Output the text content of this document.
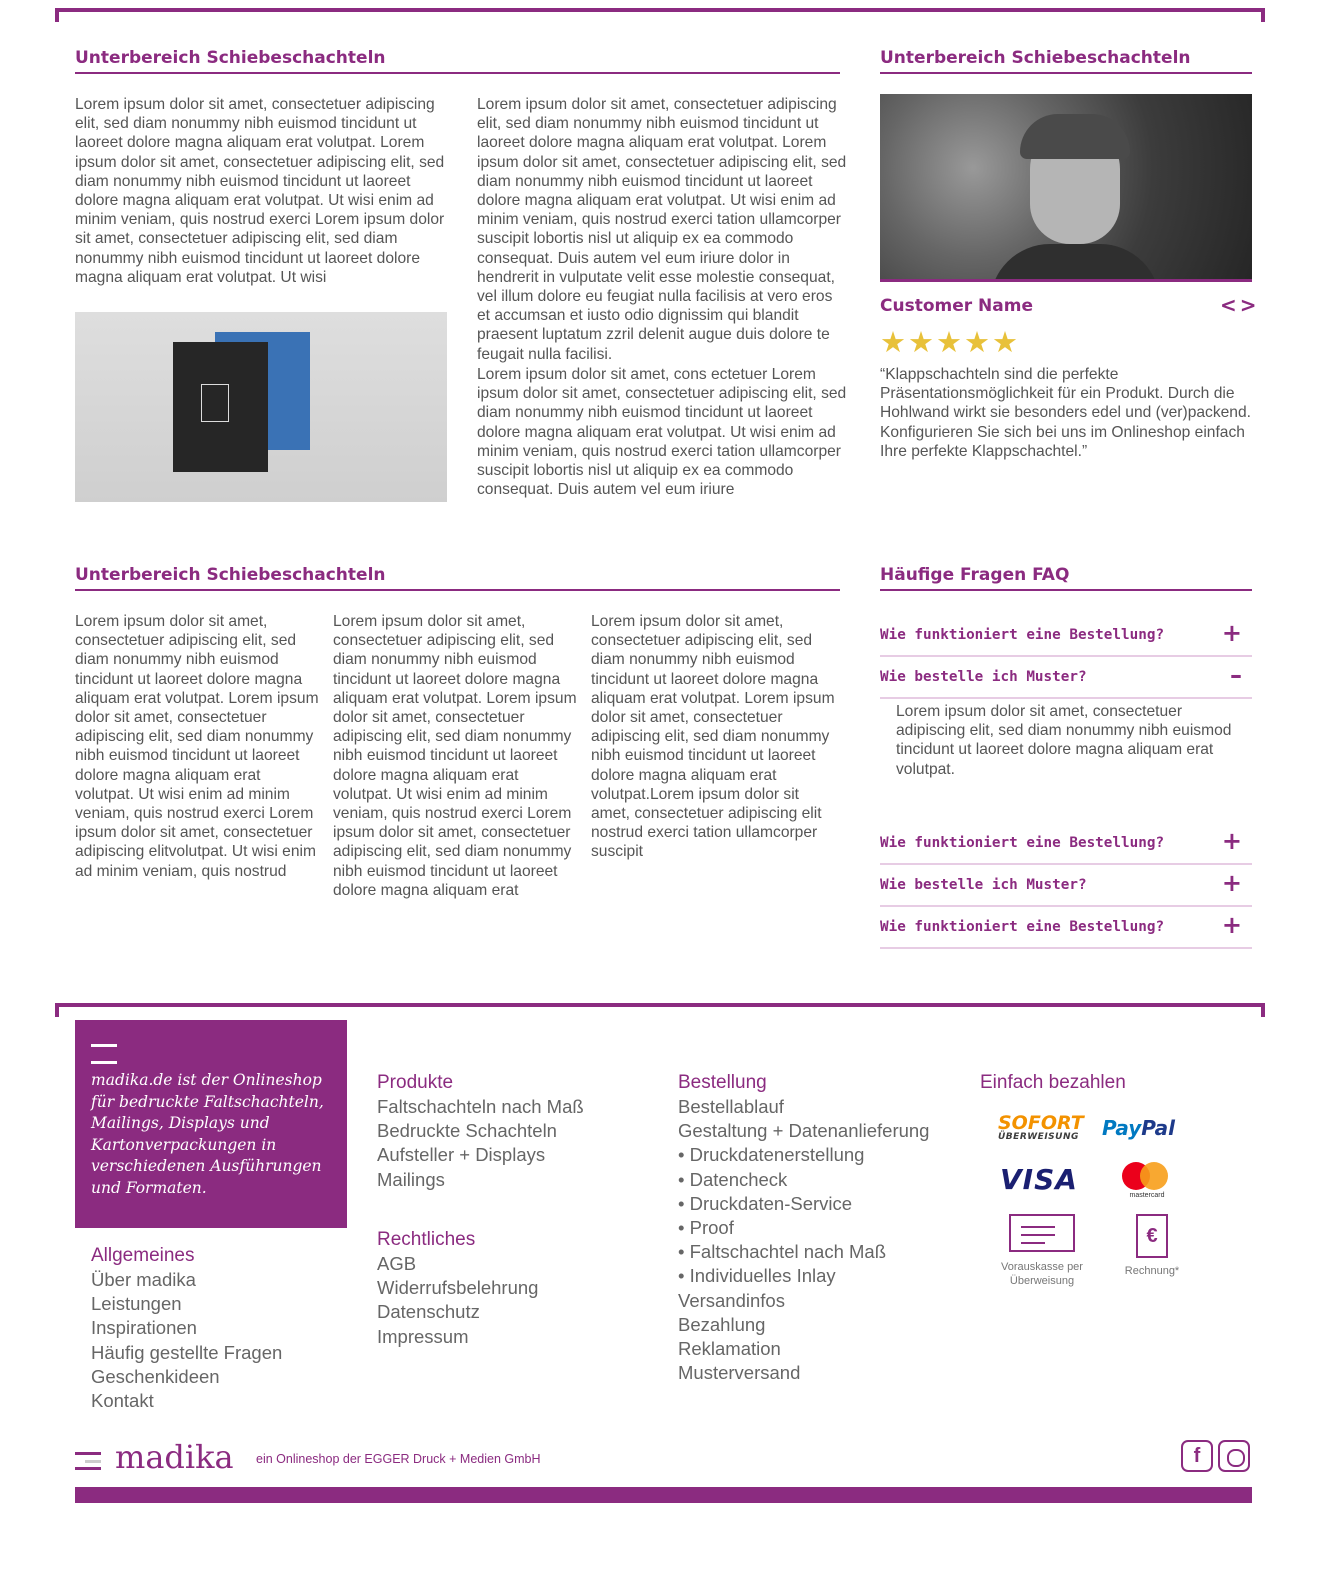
Unterbereich Schiebeschachteln

Lorem ipsum dolor sit amet, consectetuer adipiscing elit, sed diam nonummy nibh euismod tincidunt ut laoreet dolore magna aliquam erat volutpat. Lorem ipsum dolor sit amet, consectetuer adipiscing elit, sed diam nonummy nibh euismod tincidunt ut laoreet dolore magna aliquam erat volutpat. Ut wisi enim ad minim veniam, quis nostrud exerci Lorem ipsum dolor sit amet, consectetuer adipiscing elit, sed diam nonummy nibh euismod tincidunt ut laoreet dolore magna aliquam erat volutpat. Ut wisi

Lorem ipsum dolor sit amet, consectetuer adipiscing elit, sed diam nonummy nibh euismod tincidunt ut laoreet dolore magna aliquam erat volutpat. Lorem ipsum dolor sit amet, consectetuer adipiscing elit, sed diam nonummy nibh euismod tincidunt ut laoreet dolore magna aliquam erat volutpat. Ut wisi enim ad minim veniam, quis nostrud exerci tation ullamcorper suscipit lobortis nisl ut aliquip ex ea commodo consequat. Duis autem vel eum iriure dolor in hendrerit in vulputate velit esse molestie consequat, vel illum dolore eu feugiat nulla facilisis at vero eros et accumsan et iusto odio dignissim qui blandit praesent luptatum zzril delenit augue duis dolore te feugait nulla facilisi.

Lorem ipsum dolor sit amet, cons ectetuer Lorem ipsum dolor sit amet, consectetuer adipiscing elit, sed diam nonummy nibh euismod tincidunt ut laoreet dolore magna aliquam erat volutpat. Ut wisi enim ad minim veniam, quis nostrud exerci tation ullamcorper suscipit lobortis nisl ut aliquip ex ea commodo consequat. Duis autem vel eum iriure

Unterbereich Schiebeschachteln
Customer Name	<>
★★★★★

“Klappschachteln sind die perfekte Präsentationsmöglichkeit für ein Produkt. Durch die Hohlwand wirkt sie besonders edel und (ver)packend. Konfigurieren Sie sich bei uns im Onlineshop einfach Ihre perfekte Klappschachtel.”

Unterbereich Schiebeschachteln

Lorem ipsum dolor sit amet, consectetuer adipiscing elit, sed diam nonummy nibh euismod tincidunt ut laoreet dolore magna aliquam erat volutpat. Lorem ipsum dolor sit amet, consectetuer adipiscing elit, sed diam nonummy nibh euismod tincidunt ut laoreet dolore magna aliquam erat volutpat. Ut wisi enim ad minim veniam, quis nostrud exerci Lorem ipsum dolor sit amet, consectetuer adipiscing elitvolutpat. Ut wisi enim ad minim veniam, quis nostrud

Lorem ipsum dolor sit amet, consectetuer adipiscing elit, sed diam nonummy nibh euismod tincidunt ut laoreet dolore magna aliquam erat volutpat. Lorem ipsum dolor sit amet, consectetuer adipiscing elit, sed diam nonummy nibh euismod tincidunt ut laoreet dolore magna aliquam erat volutpat. Ut wisi enim ad minim veniam, quis nostrud exerci Lorem ipsum dolor sit amet, consectetuer adipiscing elit, sed diam nonummy nibh euismod tincidunt ut laoreet dolore magna aliquam erat

Lorem ipsum dolor sit amet, consectetuer adipiscing elit, sed diam nonummy nibh euismod tincidunt ut laoreet dolore magna aliquam erat volutpat. Lorem ipsum dolor sit amet, consectetuer adipiscing elit, sed diam nonummy nibh euismod tincidunt ut laoreet dolore magna aliquam erat volutpat.Lorem ipsum dolor sit amet, consectetuer adipiscing elit nostrud exerci tation ullamcorper suscipit

Häufige Fragen FAQ
Wie funktioniert eine Bestellung? +
Wie bestelle ich Muster?	–

Lorem ipsum dolor sit amet, consectetuer adipiscing elit, sed diam nonummy nibh euismod tincidunt ut laoreet dolore magna aliquam erat volutpat.

Wie funktioniert eine Bestellung? +
Wie bestelle ich Muster?	+
Wie funktioniert eine Bestellung? +
madika.de ist der Onlineshop für bedruckte Faltschachteln, Mailings, Displays und Kartonverpackungen in verschiedenen Ausführungen und Formaten.
Allgemeines
Über madika
Leistungen
Inspirationen
Häufig gestellte Fragen
Geschenkideen
Kontakt
Produkte
Faltschachteln nach Maß
Bedruckte Schachteln
Aufsteller + Displays
Mailings
Rechtliches
AGB
Widerrufsbelehrung
Datenschutz
Impressum
Bestellung
Bestellablauf
Gestaltung + Datenanlieferung
• Druckdatenerstellung
• Datencheck
• Druckdaten-Service
• Proof
• Faltschachtel nach Maß
• Individuelles Inlay
Versandinfos
Bezahlung
Reklamation
Musterversand
Einfach bezahlen
SOFORT
ÜBERWEISUNG PayPal
VISA	mastercard
Vorauskasse per Überweisung
€
Rechnung*
madika ein Onlineshop der EGGER Druck + Medien GmbH	f
